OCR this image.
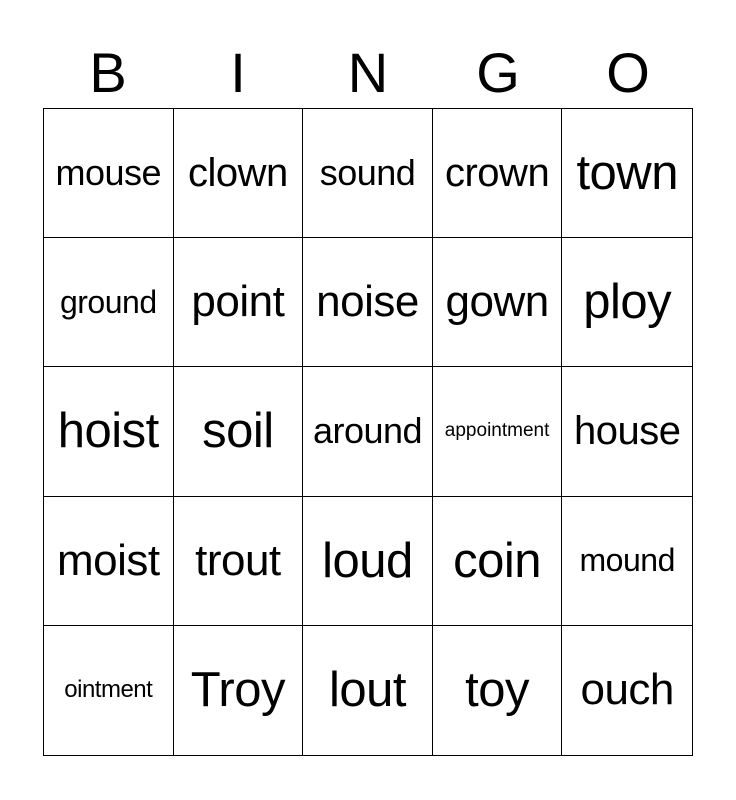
B	I	N	G	O
mouse clown sound crown town
ground point noise gown ploy
hoist soil	around	appointment house
moist trout loud coin	mound
ointment Troy lout	toy	ouch
